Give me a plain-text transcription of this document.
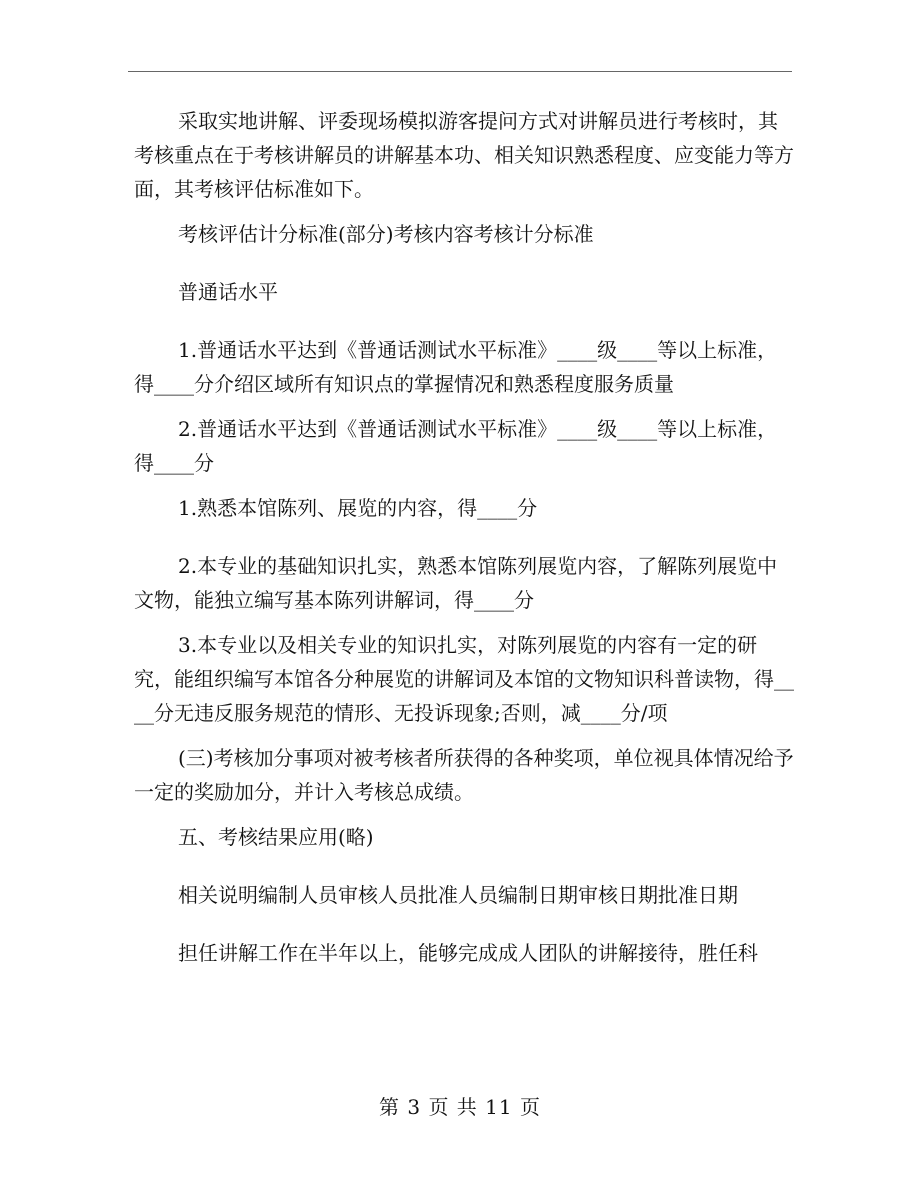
采取实地讲解、评委现场模拟游客提问方式对讲解员进行考核时，其考核重点在于考核讲解员的讲解基本功、相关知识熟悉程度、应变能力等方面，其考核评估标准如下。

考核评估计分标准(部分)考核内容考核计分标准

普通话水平

1.普通话水平达到《普通话测试水平标准》____级____等以上标准，得____分介绍区域所有知识点的掌握情况和熟悉程度服务质量

2.普通话水平达到《普通话测试水平标准》____级____等以上标准，得____分

1.熟悉本馆陈列、展览的内容，得____分

2.本专业的基础知识扎实，熟悉本馆陈列展览内容，了解陈列展览中文物，能独立编写基本陈列讲解词，得____分

3.本专业以及相关专业的知识扎实，对陈列展览的内容有一定的研究，能组织编写本馆各分种展览的讲解词及本馆的文物知识科普读物，得____分无违反服务规范的情形、无投诉现象;否则，减____分/项

(三)考核加分事项对被考核者所获得的各种奖项，单位视具体情况给予一定的奖励加分，并计入考核总成绩。

五、考核结果应用(略)

相关说明编制人员审核人员批准人员编制日期审核日期批准日期

担任讲解工作在半年以上，能够完成成人团队的讲解接待，胜任科

第 3 页 共 11 页
